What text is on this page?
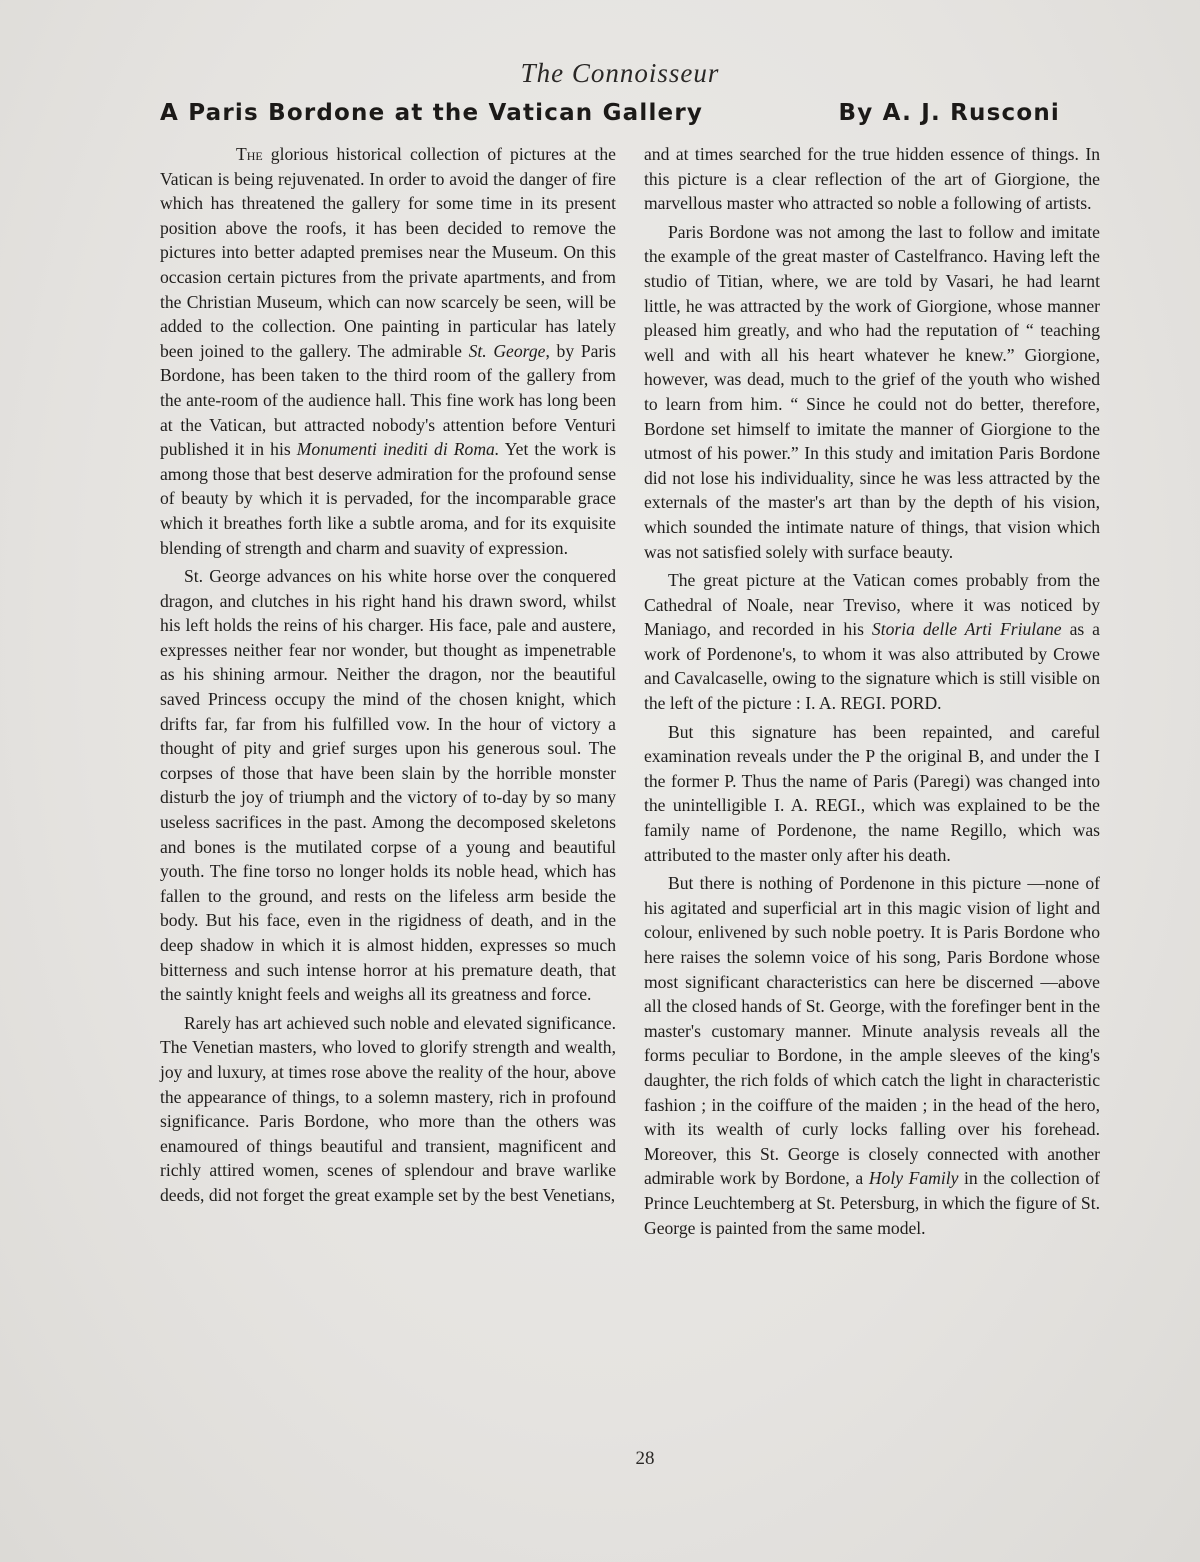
The Connoisseur
A Paris Bordone at the Vatican Gallery	By A. J. Rusconi

The glorious historical collection of pictures at the Vatican is being rejuvenated. In order to avoid the danger of fire which has threatened the gallery for some time in its present position above the roofs, it has been decided to remove the pictures into better adapted premises near the Museum. On this occasion certain pictures from the private apartments, and from the Christian Museum, which can now scarcely be seen, will be added to the collection. One painting in particular has lately been joined to the gallery. The admirable St. George, by Paris Bordone, has been taken to the third room of the gallery from the ante-room of the audience hall. This fine work has long been at the Vatican, but attracted nobody's attention before Venturi published it in his Monumenti inediti di Roma. Yet the work is among those that best deserve admiration for the profound sense of beauty by which it is pervaded, for the incomparable grace which it breathes forth like a subtle aroma, and for its exquisite blending of strength and charm and suavity of expression.

St. George advances on his white horse over the conquered dragon, and clutches in his right hand his drawn sword, whilst his left holds the reins of his charger. His face, pale and austere, expresses neither fear nor wonder, but thought as impenetrable as his shining armour. Neither the dragon, nor the beautiful saved Princess occupy the mind of the chosen knight, which drifts far, far from his fulfilled vow. In the hour of victory a thought of pity and grief surges upon his generous soul. The corpses of those that have been slain by the horrible monster disturb the joy of triumph and the victory of to-day by so many useless sacrifices in the past. Among the decomposed skeletons and bones is the mutilated corpse of a young and beautiful youth. The fine torso no longer holds its noble head, which has fallen to the ground, and rests on the lifeless arm beside the body. But his face, even in the rigidness of death, and in the deep shadow in which it is almost hidden, expresses so much bitterness and such intense horror at his premature death, that the saintly knight feels and weighs all its greatness and force.

Rarely has art achieved such noble and elevated significance. The Venetian masters, who loved to glorify strength and wealth, joy and luxury, at times rose above the reality of the hour, above the appearance of things, to a solemn mastery, rich in profound significance. Paris Bordone, who more than the others was enamoured of things beautiful and transient, magnificent and richly attired women, scenes of splendour and brave warlike deeds, did not forget the great example set by the best Venetians,

and at times searched for the true hidden essence of things. In this picture is a clear reflection of the art of Giorgione, the marvellous master who attracted so noble a following of artists.

Paris Bordone was not among the last to follow and imitate the example of the great master of Castelfranco. Having left the studio of Titian, where, we are told by Vasari, he had learnt little, he was attracted by the work of Giorgione, whose manner pleased him greatly, and who had the reputation of “ teaching well and with all his heart whatever he knew.” Giorgione, however, was dead, much to the grief of the youth who wished to learn from him. “ Since he could not do better, therefore, Bordone set himself to imitate the manner of Giorgione to the utmost of his power.” In this study and imitation Paris Bordone did not lose his individuality, since he was less attracted by the externals of the master's art than by the depth of his vision, which sounded the intimate nature of things, that vision which was not satisfied solely with surface beauty.

The great picture at the Vatican comes probably from the Cathedral of Noale, near Treviso, where it was noticed by Maniago, and recorded in his Storia delle Arti Friulane as a work of Pordenone's, to whom it was also attributed by Crowe and Cavalcaselle, owing to the signature which is still visible on the left of the picture : I. A. REGI. PORD.

But this signature has been repainted, and careful examination reveals under the P the original B, and under the I the former P. Thus the name of Paris (Paregi) was changed into the unintelligible I. A. REGI., which was explained to be the family name of Pordenone, the name Regillo, which was attributed to the master only after his death.

But there is nothing of Pordenone in this picture —none of his agitated and superficial art in this magic vision of light and colour, enlivened by such noble poetry. It is Paris Bordone who here raises the solemn voice of his song, Paris Bordone whose most significant characteristics can here be discerned —above all the closed hands of St. George, with the forefinger bent in the master's customary manner. Minute analysis reveals all the forms peculiar to Bordone, in the ample sleeves of the king's daughter, the rich folds of which catch the light in characteristic fashion ; in the coiffure of the maiden ; in the head of the hero, with its wealth of curly locks falling over his forehead. Moreover, this St. George is closely connected with another admirable work by Bordone, a Holy Family in the collection of Prince Leuchtemberg at St. Petersburg, in which the figure of St. George is painted from the same model.

28
